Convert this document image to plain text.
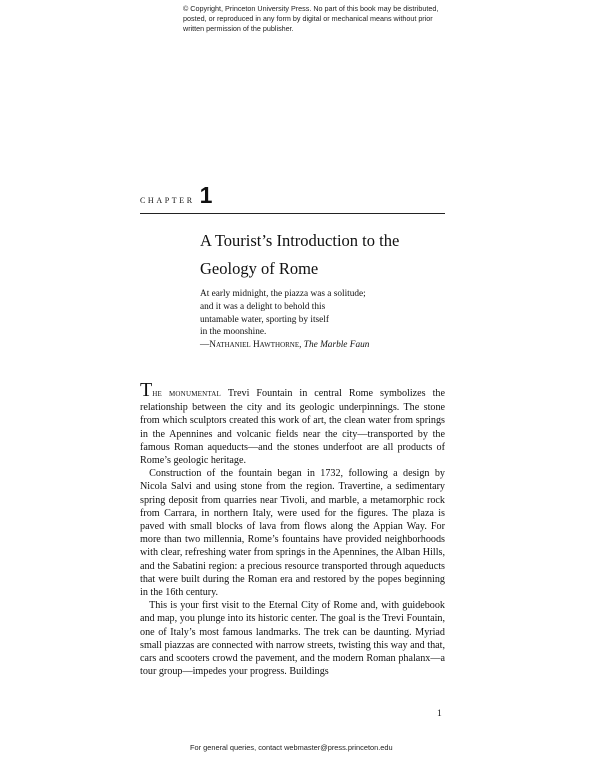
© Copyright, Princeton University Press. No part of this book may be distributed, posted, or reproduced in any form by digital or mechanical means without prior written permission of the publisher.
CHAPTER 1
A Tourist’s Introduction to the Geology of Rome
At early midnight, the piazza was a solitude;
and it was a delight to behold this
untamable water, sporting by itself
in the moonshine.
—Nathaniel Hawthorne, The Marble Faun

The monumental Trevi Fountain in central Rome symbolizes the relationship between the city and its geologic underpinnings. The stone from which sculptors created this work of art, the clean water from springs in the Apennines and volcanic fields near the city—transported by the famous Roman aqueducts—and the stones underfoot are all products of Rome’s geologic heritage.

Construction of the fountain began in 1732, following a design by Nicola Salvi and using stone from the region. Travertine, a sedimentary spring deposit from quarries near Tivoli, and marble, a metamorphic rock from Carrara, in northern Italy, were used for the figures. The plaza is paved with small blocks of lava from flows along the Appian Way. For more than two millennia, Rome’s fountains have provided neighborhoods with clear, refreshing water from springs in the Apennines, the Alban Hills, and the Sabatini region: a precious resource transported through aqueducts that were built during the Roman era and restored by the popes beginning in the 16th century.

This is your first visit to the Eternal City of Rome and, with guidebook and map, you plunge into its historic center. The goal is the Trevi Fountain, one of Italy’s most famous landmarks. The trek can be daunting. Myriad small piazzas are connected with narrow streets, twisting this way and that, cars and scooters crowd the pavement, and the modern Roman phalanx—a tour group—impedes your progress. Buildings

1
For general queries, contact webmaster@press.princeton.edu
